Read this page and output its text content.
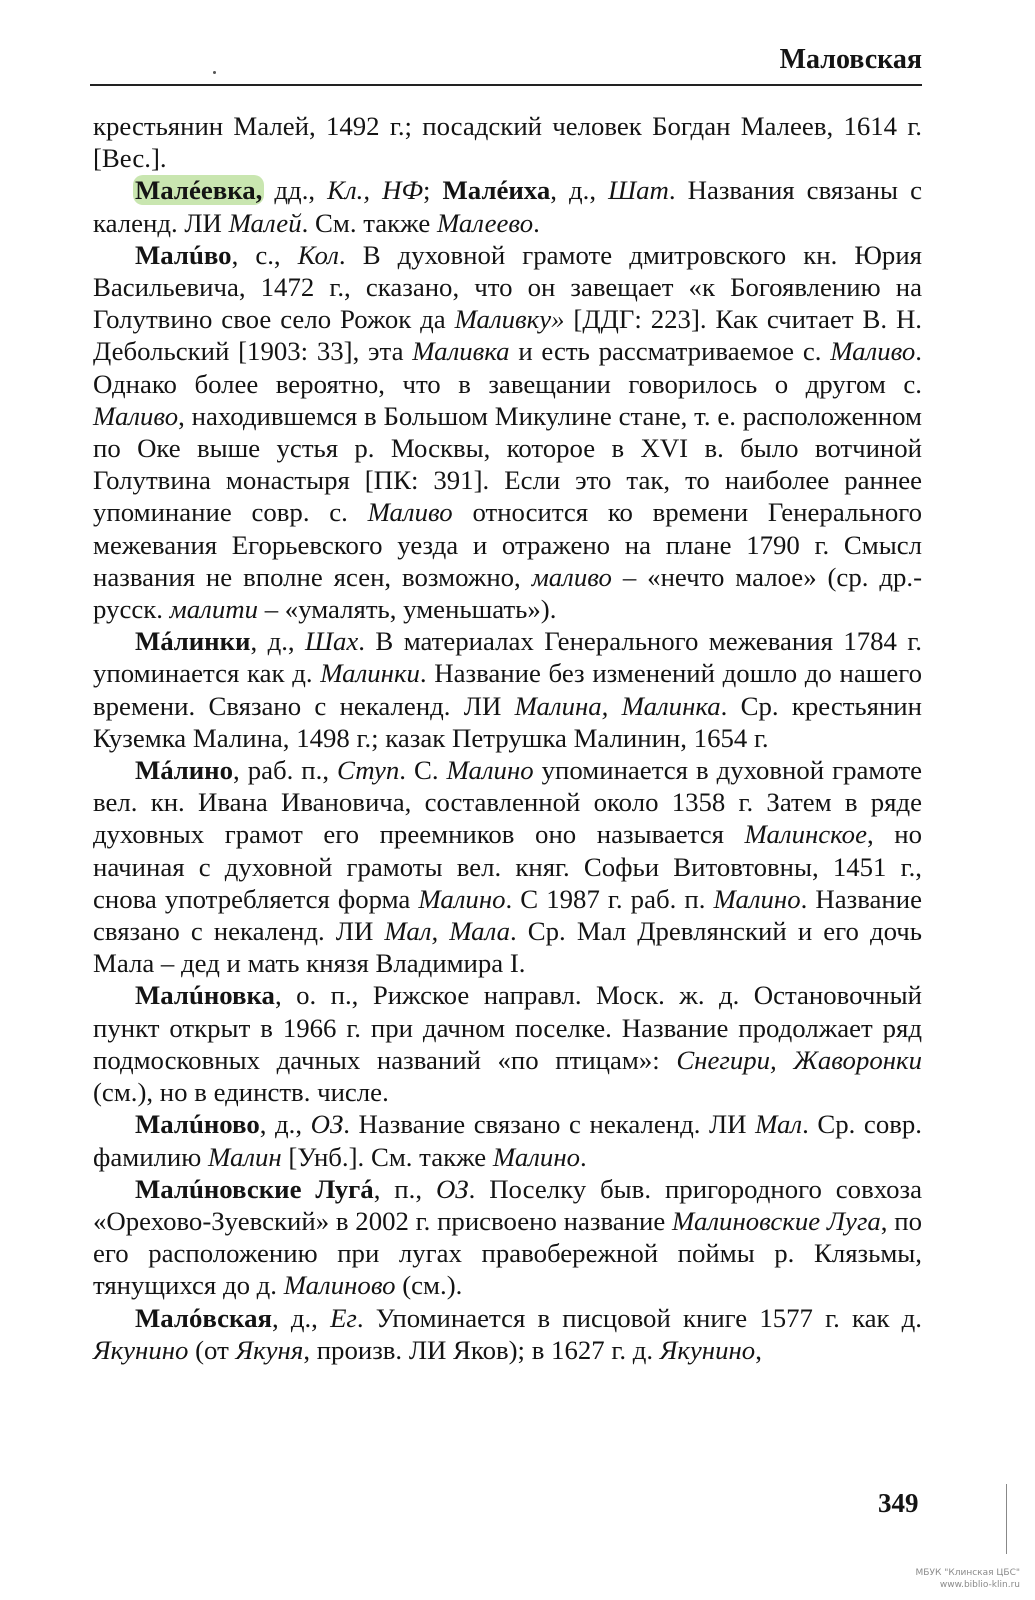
Маловская

крестьянин Малей, 1492 г.; посадский человек Богдан Малеев, 1614 г. [Вес.].

Малéевка, дд., Кл., НФ; Малéиха, д., Шат. Названия связаны с календ. ЛИ Малей. См. также Малеево.

Малúво, с., Кол. В духовной грамоте дмитровского кн. Юрия Васильевича, 1472 г., сказано, что он завещает «к Богоявлению на Голутвино свое село Рожок да Маливку» [ДДГ: 223]. Как считает В. Н. Дебольский [1903: 33], эта Маливка и есть рассматриваемое с. Маливо. Однако более вероятно, что в завещании говорилось о другом с. Маливо, находившемся в Большом Микулине стане, т. е. расположенном по Оке выше устья р. Москвы, которое в XVI в. было вотчиной Голутвина монастыря [ПК: 391]. Если это так, то наиболее раннее упоминание совр. с. Маливо относится ко времени Генерального межевания Егорьевского уезда и отражено на плане 1790 г. Смысл названия не вполне ясен, возможно, маливо – «нечто малое» (ср. др.-русск. малити – «умалять, уменьшать»).

Мáлинки, д., Шах. В материалах Генерального межевания 1784 г. упоминается как д. Малинки. Название без изменений дошло до нашего времени. Связано с некаленд. ЛИ Малина, Малинка. Ср. крестьянин Куземка Малина, 1498 г.; казак Петрушка Малинин, 1654 г.

Мáлино, раб. п., Ступ. С. Малино упоминается в духовной грамоте вел. кн. Ивана Ивановича, составленной около 1358 г. Затем в ряде духовных грамот его преемников оно называется Малинское, но начиная с духовной грамоты вел. княг. Софьи Витовтовны, 1451 г., снова употребляется форма Малино. С 1987 г. раб. п. Малино. Название связано с некаленд. ЛИ Мал, Мала. Ср. Мал Древлянский и его дочь Мала – дед и мать князя Владимира I.

Малúновка, о. п., Рижское направл. Моск. ж. д. Остановочный пункт открыт в 1966 г. при дачном поселке. Название продолжает ряд подмосковных дачных названий «по птицам»: Снегири, Жаворонки (см.), но в единств. числе.

Малúново, д., ОЗ. Название связано с некаленд. ЛИ Мал. Ср. совр. фамилию Малин [Унб.]. См. также Малино.

Малúновские Лугá, п., ОЗ. Поселку быв. пригородного совхоза «Орехово-Зуевский» в 2002 г. присвоено название Малиновские Луга, по его расположению при лугах правобережной поймы р. Клязьмы, тянущихся до д. Малиново (см.).

Малóвская, д., Ег. Упоминается в писцовой книге 1577 г. как д. Якунино (от Якуня, произв. ЛИ Яков); в 1627 г. д. Якунино,

349
МБУК "Клинская ЦБС"
www.biblio-klin.ru
